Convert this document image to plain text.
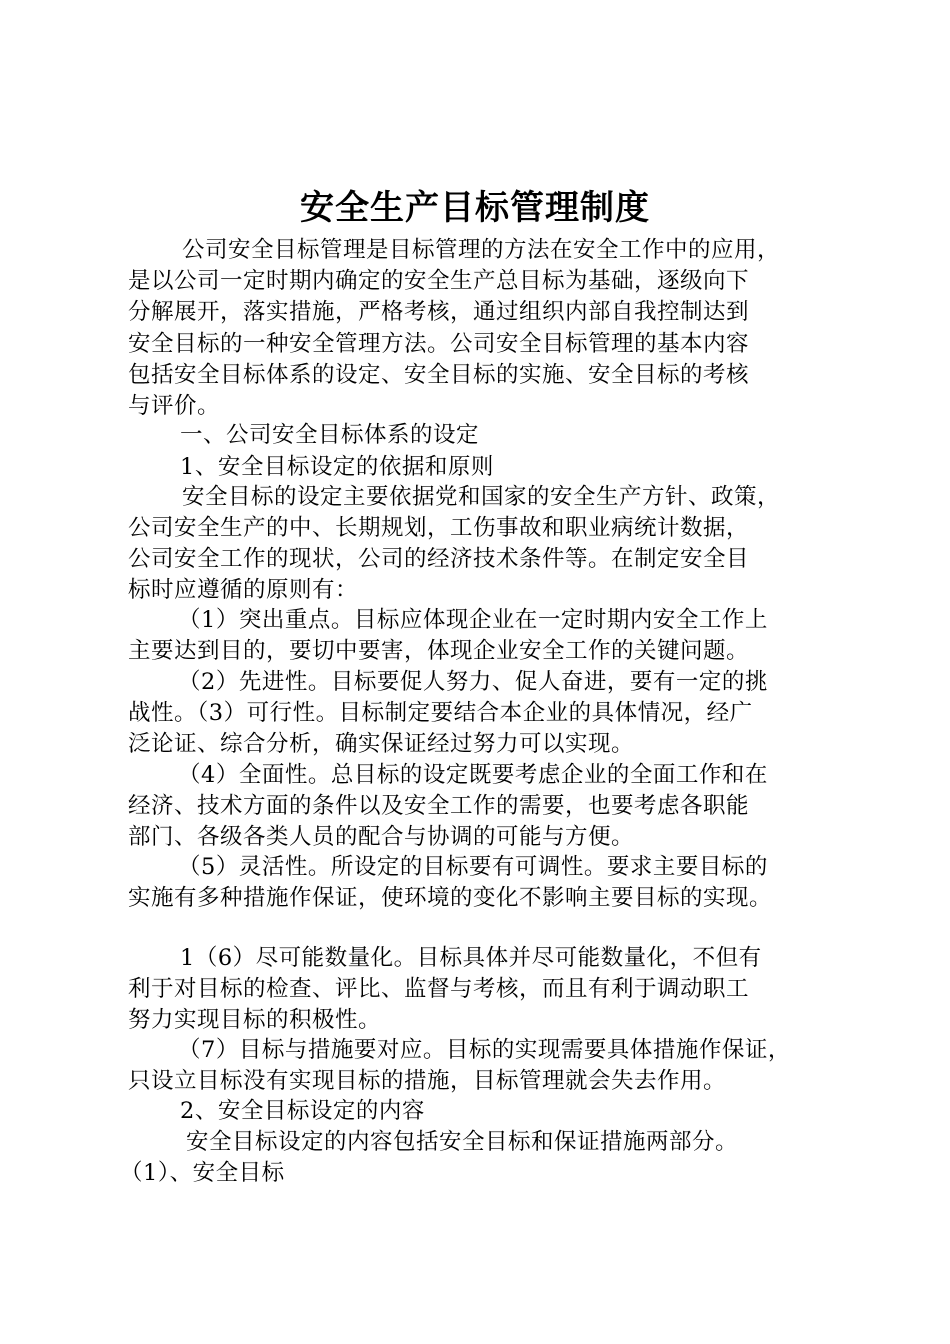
安全生产目标管理制度
公司安全目标管理是目标管理的方法在安全工作中的应用，
是以公司一定时期内确定的安全生产总目标为基础，逐级向下
分解展开，落实措施，严格考核，通过组织内部自我控制达到
安全目标的一种安全管理方法。公司安全目标管理的基本内容
包括安全目标体系的设定、安全目标的实施、安全目标的考核
与评价。
一、公司安全目标体系的设定
1、安全目标设定的依据和原则
安全目标的设定主要依据党和国家的安全生产方针、政策，
公司安全生产的中、长期规划，工伤事故和职业病统计数据，
公司安全工作的现状，公司的经济技术条件等。在制定安全目
标时应遵循的原则有：
（1）突出重点。目标应体现企业在一定时期内安全工作上
主要达到目的，要切中要害，体现企业安全工作的关键问题。
（2）先进性。目标要促人努力、促人奋进，要有一定的挑
战性。（3）可行性。目标制定要结合本企业的具体情况，经广
泛论证、综合分析，确实保证经过努力可以实现。
（4）全面性。总目标的设定既要考虑企业的全面工作和在
经济、技术方面的条件以及安全工作的需要，也要考虑各职能
部门、各级各类人员的配合与协调的可能与方便。
（5）灵活性。所设定的目标要有可调性。要求主要目标的
实施有多种措施作保证，使环境的变化不影响主要目标的实现。
1（6）尽可能数量化。目标具体并尽可能数量化，不但有
利于对目标的检查、评比、监督与考核，而且有利于调动职工
努力实现目标的积极性。
（7）目标与措施要对应。目标的实现需要具体措施作保证，
只设立目标没有实现目标的措施，目标管理就会失去作用。
2、安全目标设定的内容
安全目标设定的内容包括安全目标和保证措施两部分。
（1）、安全目标
